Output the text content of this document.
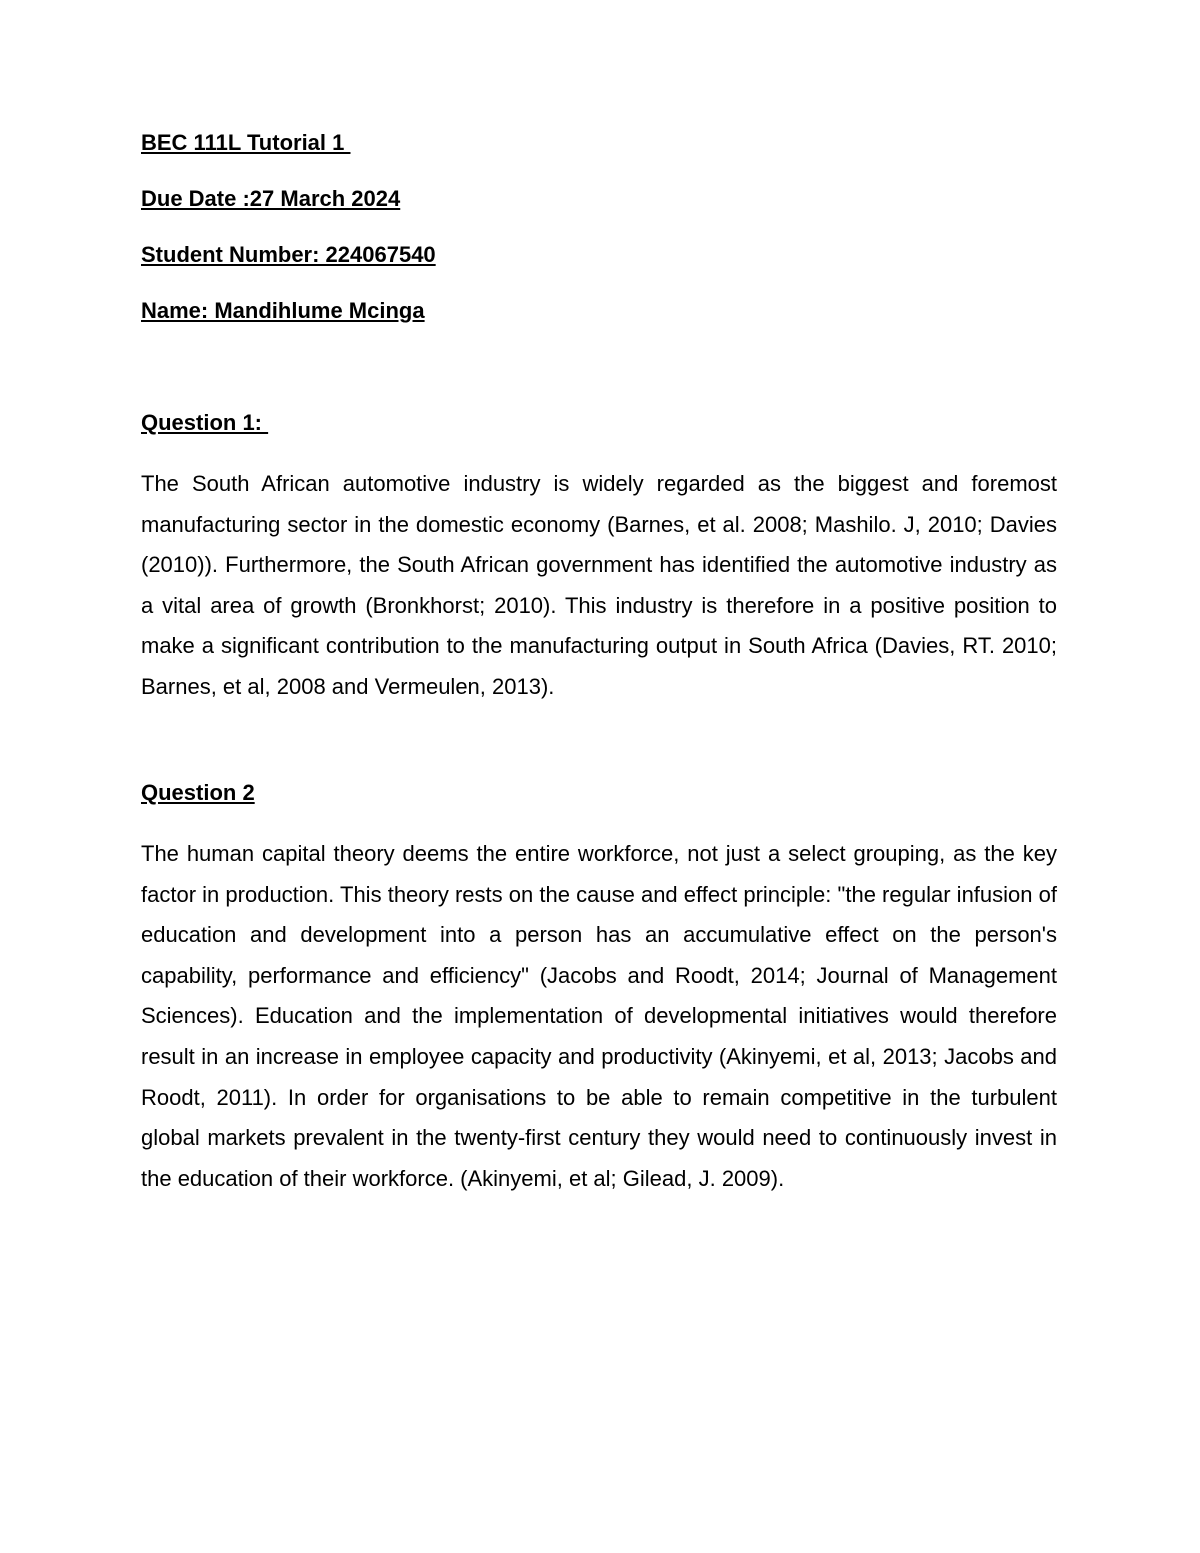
BEC 111L Tutorial 1

Due Date :27 March 2024

Student Number: 224067540

Name: Mandihlume Mcinga

Question 1:

The South African automotive industry is widely regarded as the biggest and foremost manufacturing sector in the domestic economy (Barnes, et al. 2008; Mashilo. J, 2010; Davies (2010)). Furthermore, the South African government has identified the automotive industry as a vital area of growth (Bronkhorst; 2010). This industry is therefore in a positive position to make a significant contribution to the manufacturing output in South Africa (Davies, RT. 2010; Barnes, et al, 2008 and Vermeulen, 2013).

Question 2

The human capital theory deems the entire workforce, not just a select grouping, as the key factor in production. This theory rests on the cause and effect principle: "the regular infusion of education and development into a person has an accumulative effect on the person's capability, performance and efficiency" (Jacobs and Roodt, 2014; Journal of Management Sciences). Education and the implementation of developmental initiatives would therefore result in an increase in employee capacity and productivity (Akinyemi, et al, 2013; Jacobs and Roodt, 2011). In order for organisations to be able to remain competitive in the turbulent global markets prevalent in the twenty-first century they would need to continuously invest in the education of their workforce. (Akinyemi, et al; Gilead, J. 2009).
